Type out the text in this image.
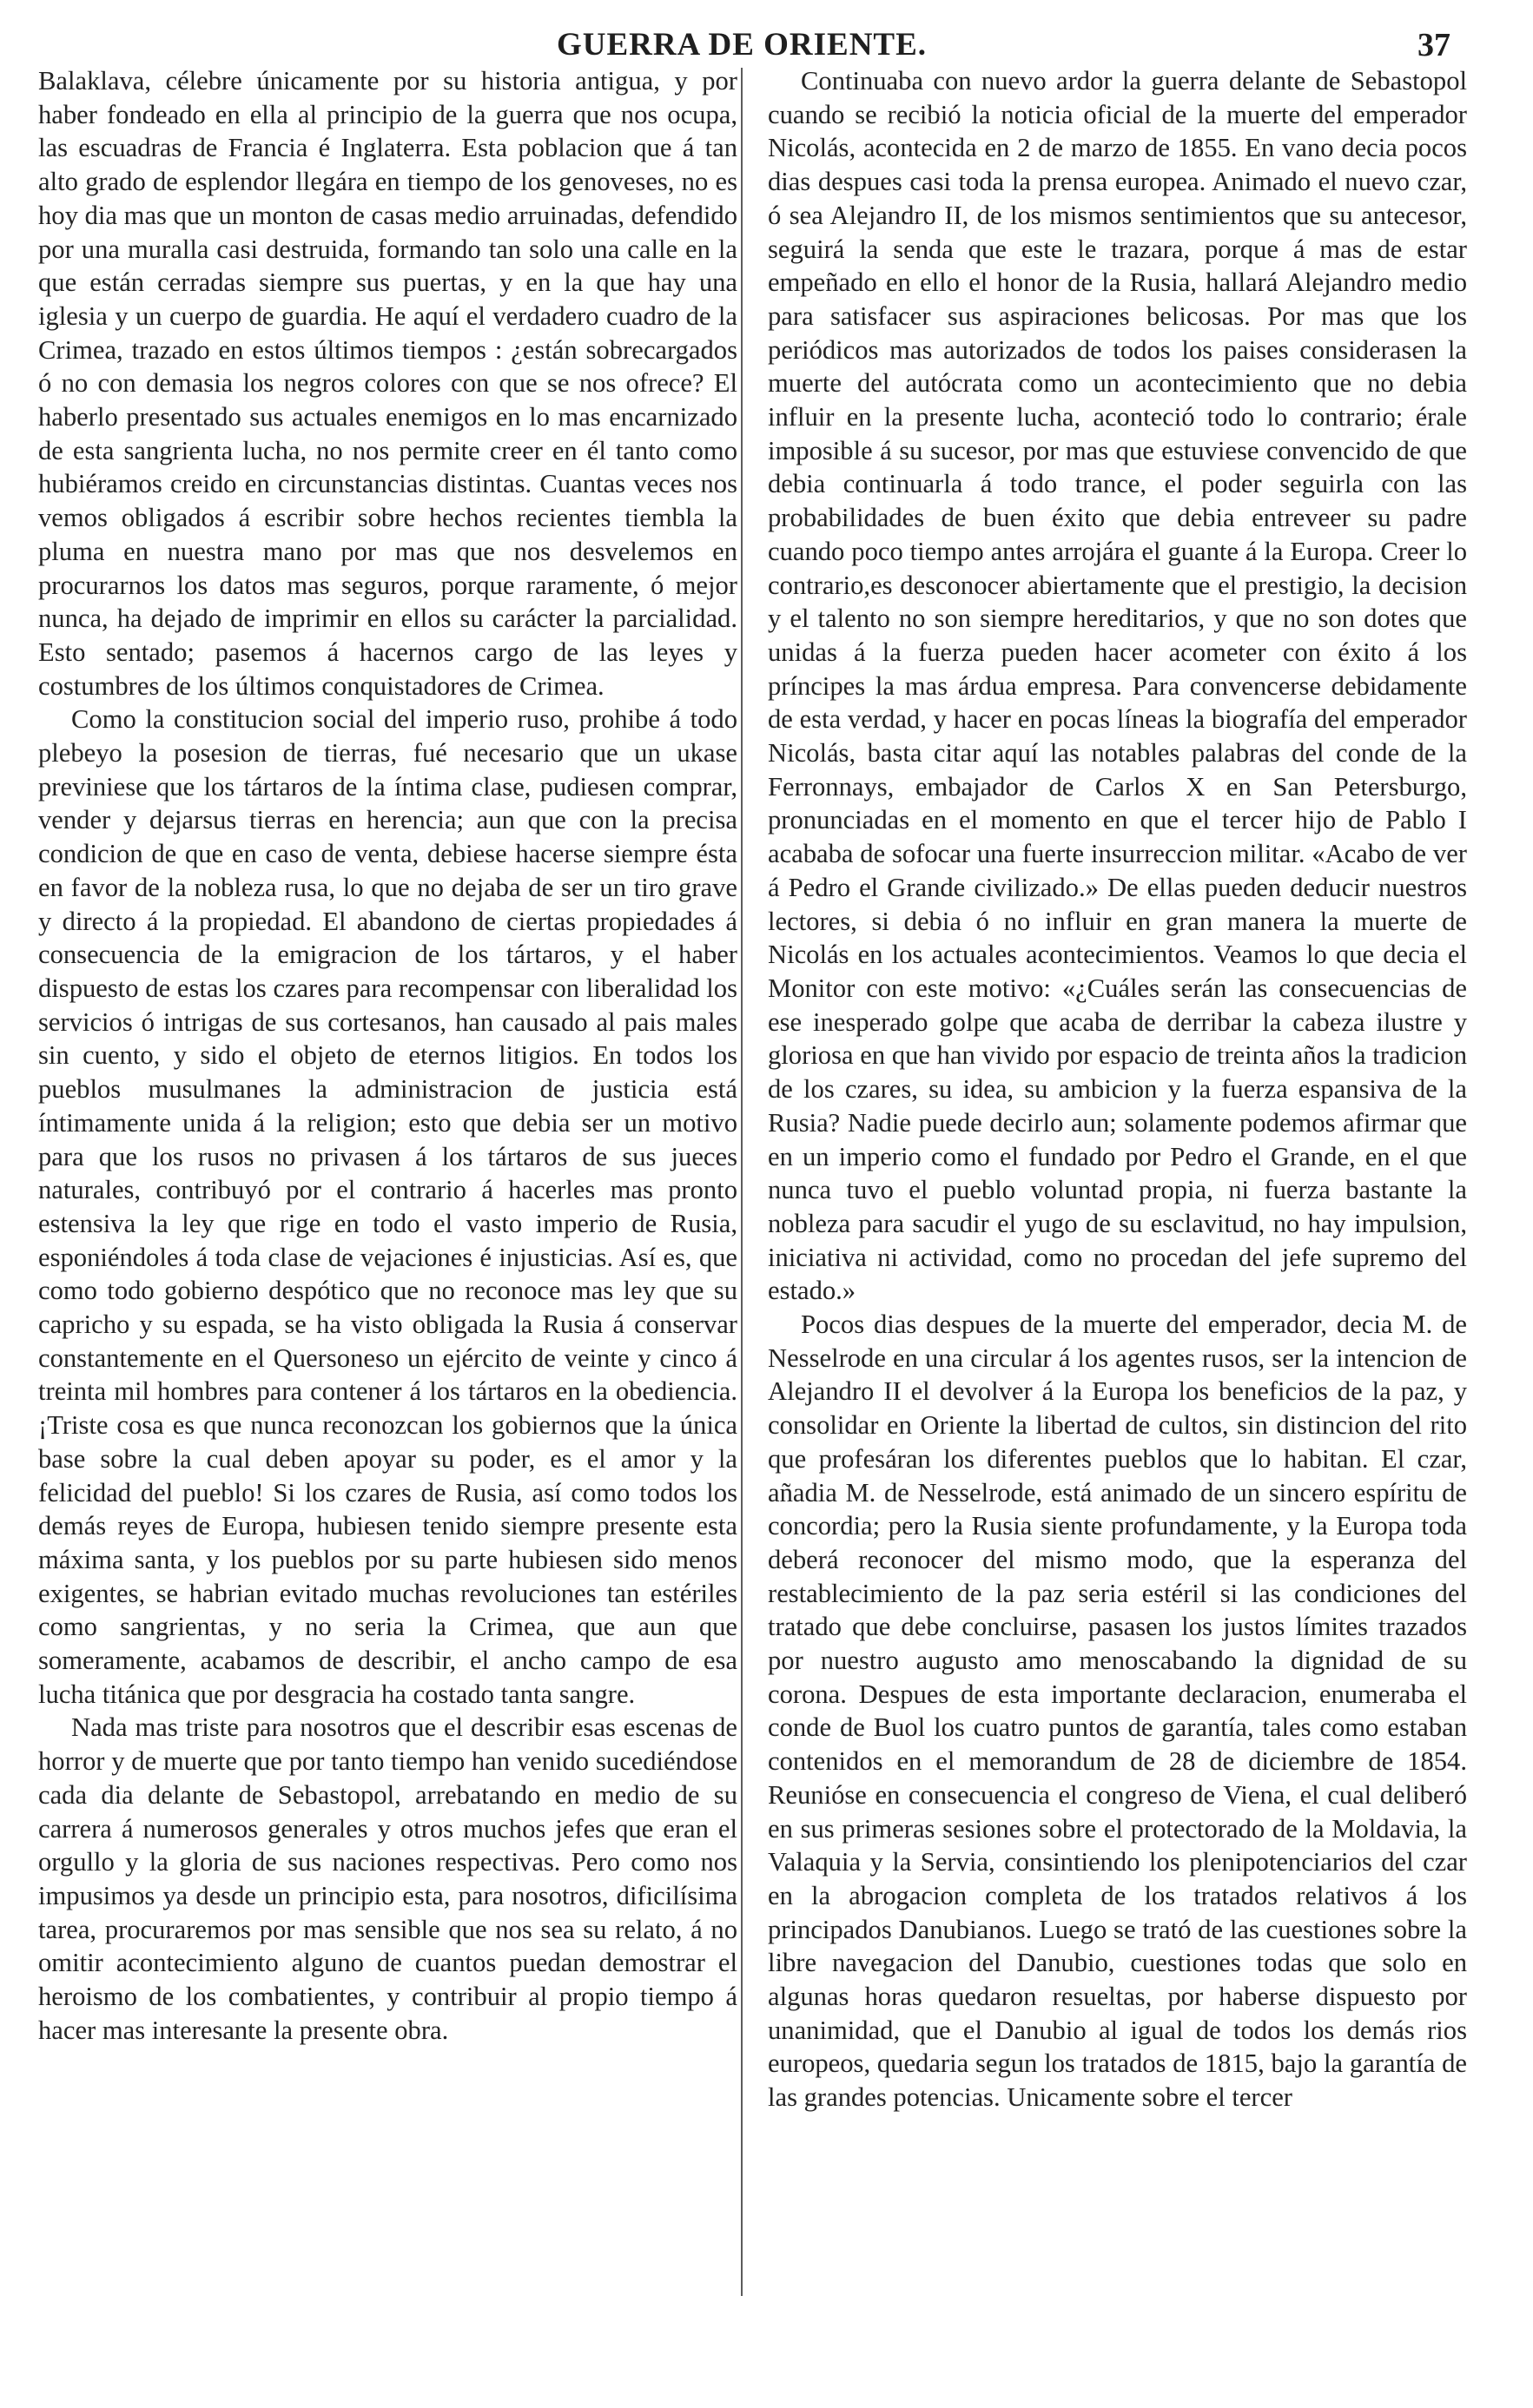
GUERRA DE ORIENTE.	37

Balaklava, célebre únicamente por su historia antigua, y por haber fondeado en ella al principio de la guerra que nos ocupa, las escuadras de Francia é Inglaterra. Esta poblacion que á tan alto grado de esplendor llegára en tiempo de los genoveses, no es hoy dia mas que un monton de casas medio arruinadas, defendido por una muralla casi destruida, formando tan solo una calle en la que están cerradas siempre sus puertas, y en la que hay una iglesia y un cuerpo de guardia. He aquí el verdadero cuadro de la Crimea, trazado en estos últimos tiempos : ¿están sobrecargados ó no con demasia los negros colores con que se nos ofrece? El haberlo presentado sus actuales enemigos en lo mas encarnizado de esta sangrienta lucha, no nos permite creer en él tanto como hubiéramos creido en circunstancias distintas. Cuantas veces nos vemos obligados á escribir sobre hechos recientes tiembla la pluma en nuestra mano por mas que nos desvelemos en procurarnos los datos mas seguros, porque raramente, ó mejor nunca, ha dejado de imprimir en ellos su carácter la parcialidad. Esto sentado; pasemos á hacernos cargo de las leyes y costumbres de los últimos conquistadores de Crimea.

Como la constitucion social del imperio ruso, prohibe á todo plebeyo la posesion de tierras, fué necesario que un ukase previniese que los tártaros de la íntima clase, pudiesen comprar, vender y dejarsus tierras en herencia; aun que con la precisa condicion de que en caso de venta, debiese hacerse siempre ésta en favor de la nobleza rusa, lo que no dejaba de ser un tiro grave y directo á la propiedad. El abandono de ciertas propiedades á consecuencia de la emigracion de los tártaros, y el haber dispuesto de estas los czares para recompensar con liberalidad los servicios ó intrigas de sus cortesanos, han causado al pais males sin cuento, y sido el objeto de eternos litigios. En todos los pueblos musulmanes la administracion de justicia está íntimamente unida á la religion; esto que debia ser un motivo para que los rusos no privasen á los tártaros de sus jueces naturales, contribuyó por el contrario á hacerles mas pronto estensiva la ley que rige en todo el vasto imperio de Rusia, esponiéndoles á toda clase de vejaciones é injusticias. Así es, que como todo gobierno despótico que no reconoce mas ley que su capricho y su espada, se ha visto obligada la Rusia á conservar constantemente en el Quersoneso un ejército de veinte y cinco á treinta mil hombres para contener á los tártaros en la obediencia. ¡Triste cosa es que nunca reconozcan los gobiernos que la única base sobre la cual deben apoyar su poder, es el amor y la felicidad del pueblo! Si los czares de Rusia, así como todos los demás reyes de Europa, hubiesen tenido siempre presente esta máxima santa, y los pueblos por su parte hubiesen sido menos exigentes, se habrian evitado muchas revoluciones tan estériles como sangrientas, y no seria la Crimea, que aun que someramente, acabamos de describir, el ancho campo de esa lucha titánica que por desgracia ha costado tanta sangre.

Nada mas triste para nosotros que el describir esas escenas de horror y de muerte que por tanto tiempo han venido sucediéndose cada dia delante de Sebastopol, arrebatando en medio de su carrera á numerosos generales y otros muchos jefes que eran el orgullo y la gloria de sus naciones respectivas. Pero como nos impusimos ya desde un principio esta, para nosotros, dificilísima tarea, procuraremos por mas sensible que nos sea su relato, á no omitir acontecimiento alguno de cuantos puedan demostrar el heroismo de los combatientes, y contribuir al propio tiempo á hacer mas interesante la presente obra.

Continuaba con nuevo ardor la guerra delante de Sebastopol cuando se recibió la noticia oficial de la muerte del emperador Nicolás, acontecida en 2 de marzo de 1855. En vano decia pocos dias despues casi toda la prensa europea. Animado el nuevo czar, ó sea Alejandro II, de los mismos sentimientos que su antecesor, seguirá la senda que este le trazara, porque á mas de estar empeñado en ello el honor de la Rusia, hallará Alejandro medio para satisfacer sus aspiraciones belicosas. Por mas que los periódicos mas autorizados de todos los paises considerasen la muerte del autócrata como un acontecimiento que no debia influir en la presente lucha, aconteció todo lo contrario; érale imposible á su sucesor, por mas que estuviese convencido de que debia continuarla á todo trance, el poder seguirla con las probabilidades de buen éxito que debia entreveer su padre cuando poco tiempo antes arrojára el guante á la Europa. Creer lo contrario,es desconocer abiertamente que el prestigio, la decision y el talento no son siempre hereditarios, y que no son dotes que unidas á la fuerza pueden hacer acometer con éxito á los príncipes la mas árdua empresa. Para convencerse debidamente de esta verdad, y hacer en pocas líneas la biografía del emperador Nicolás, basta citar aquí las notables palabras del conde de la Ferronnays, embajador de Carlos X en San Petersburgo, pronunciadas en el momento en que el tercer hijo de Pablo I acababa de sofocar una fuerte insurreccion militar. «Acabo de ver á Pedro el Grande civilizado.» De ellas pueden deducir nuestros lectores, si debia ó no influir en gran manera la muerte de Nicolás en los actuales acontecimientos. Veamos lo que decia el Monitor con este motivo: «¿Cuáles serán las consecuencias de ese inesperado golpe que acaba de derribar la cabeza ilustre y gloriosa en que han vivido por espacio de treinta años la tradicion de los czares, su idea, su ambicion y la fuerza espansiva de la Rusia? Nadie puede decirlo aun; solamente podemos afirmar que en un imperio como el fundado por Pedro el Grande, en el que nunca tuvo el pueblo voluntad propia, ni fuerza bastante la nobleza para sacudir el yugo de su esclavitud, no hay impulsion, iniciativa ni actividad, como no procedan del jefe supremo del estado.»

Pocos dias despues de la muerte del emperador, decia M. de Nesselrode en una circular á los agentes rusos, ser la intencion de Alejandro II el devolver á la Europa los beneficios de la paz, y consolidar en Oriente la libertad de cultos, sin distincion del rito que profesáran los diferentes pueblos que lo habitan. El czar, añadia M. de Nesselrode, está animado de un sincero espíritu de concordia; pero la Rusia siente profundamente, y la Europa toda deberá reconocer del mismo modo, que la esperanza del restablecimiento de la paz seria estéril si las condiciones del tratado que debe concluirse, pasasen los justos límites trazados por nuestro augusto amo menoscabando la dignidad de su corona. Despues de esta importante declaracion, enumeraba el conde de Buol los cuatro puntos de garantía, tales como estaban contenidos en el memorandum de 28 de diciembre de 1854. Reunióse en consecuencia el congreso de Viena, el cual deliberó en sus primeras sesiones sobre el protectorado de la Moldavia, la Valaquia y la Servia, consintiendo los plenipotenciarios del czar en la abrogacion completa de los tratados relativos á los principados Danubianos. Luego se trató de las cuestiones sobre la libre navegacion del Danubio, cuestiones todas que solo en algunas horas quedaron resueltas, por haberse dispuesto por unanimidad, que el Danubio al igual de todos los demás rios europeos, quedaria segun los tratados de 1815, bajo la garantía de las grandes potencias. Unicamente sobre el tercer
